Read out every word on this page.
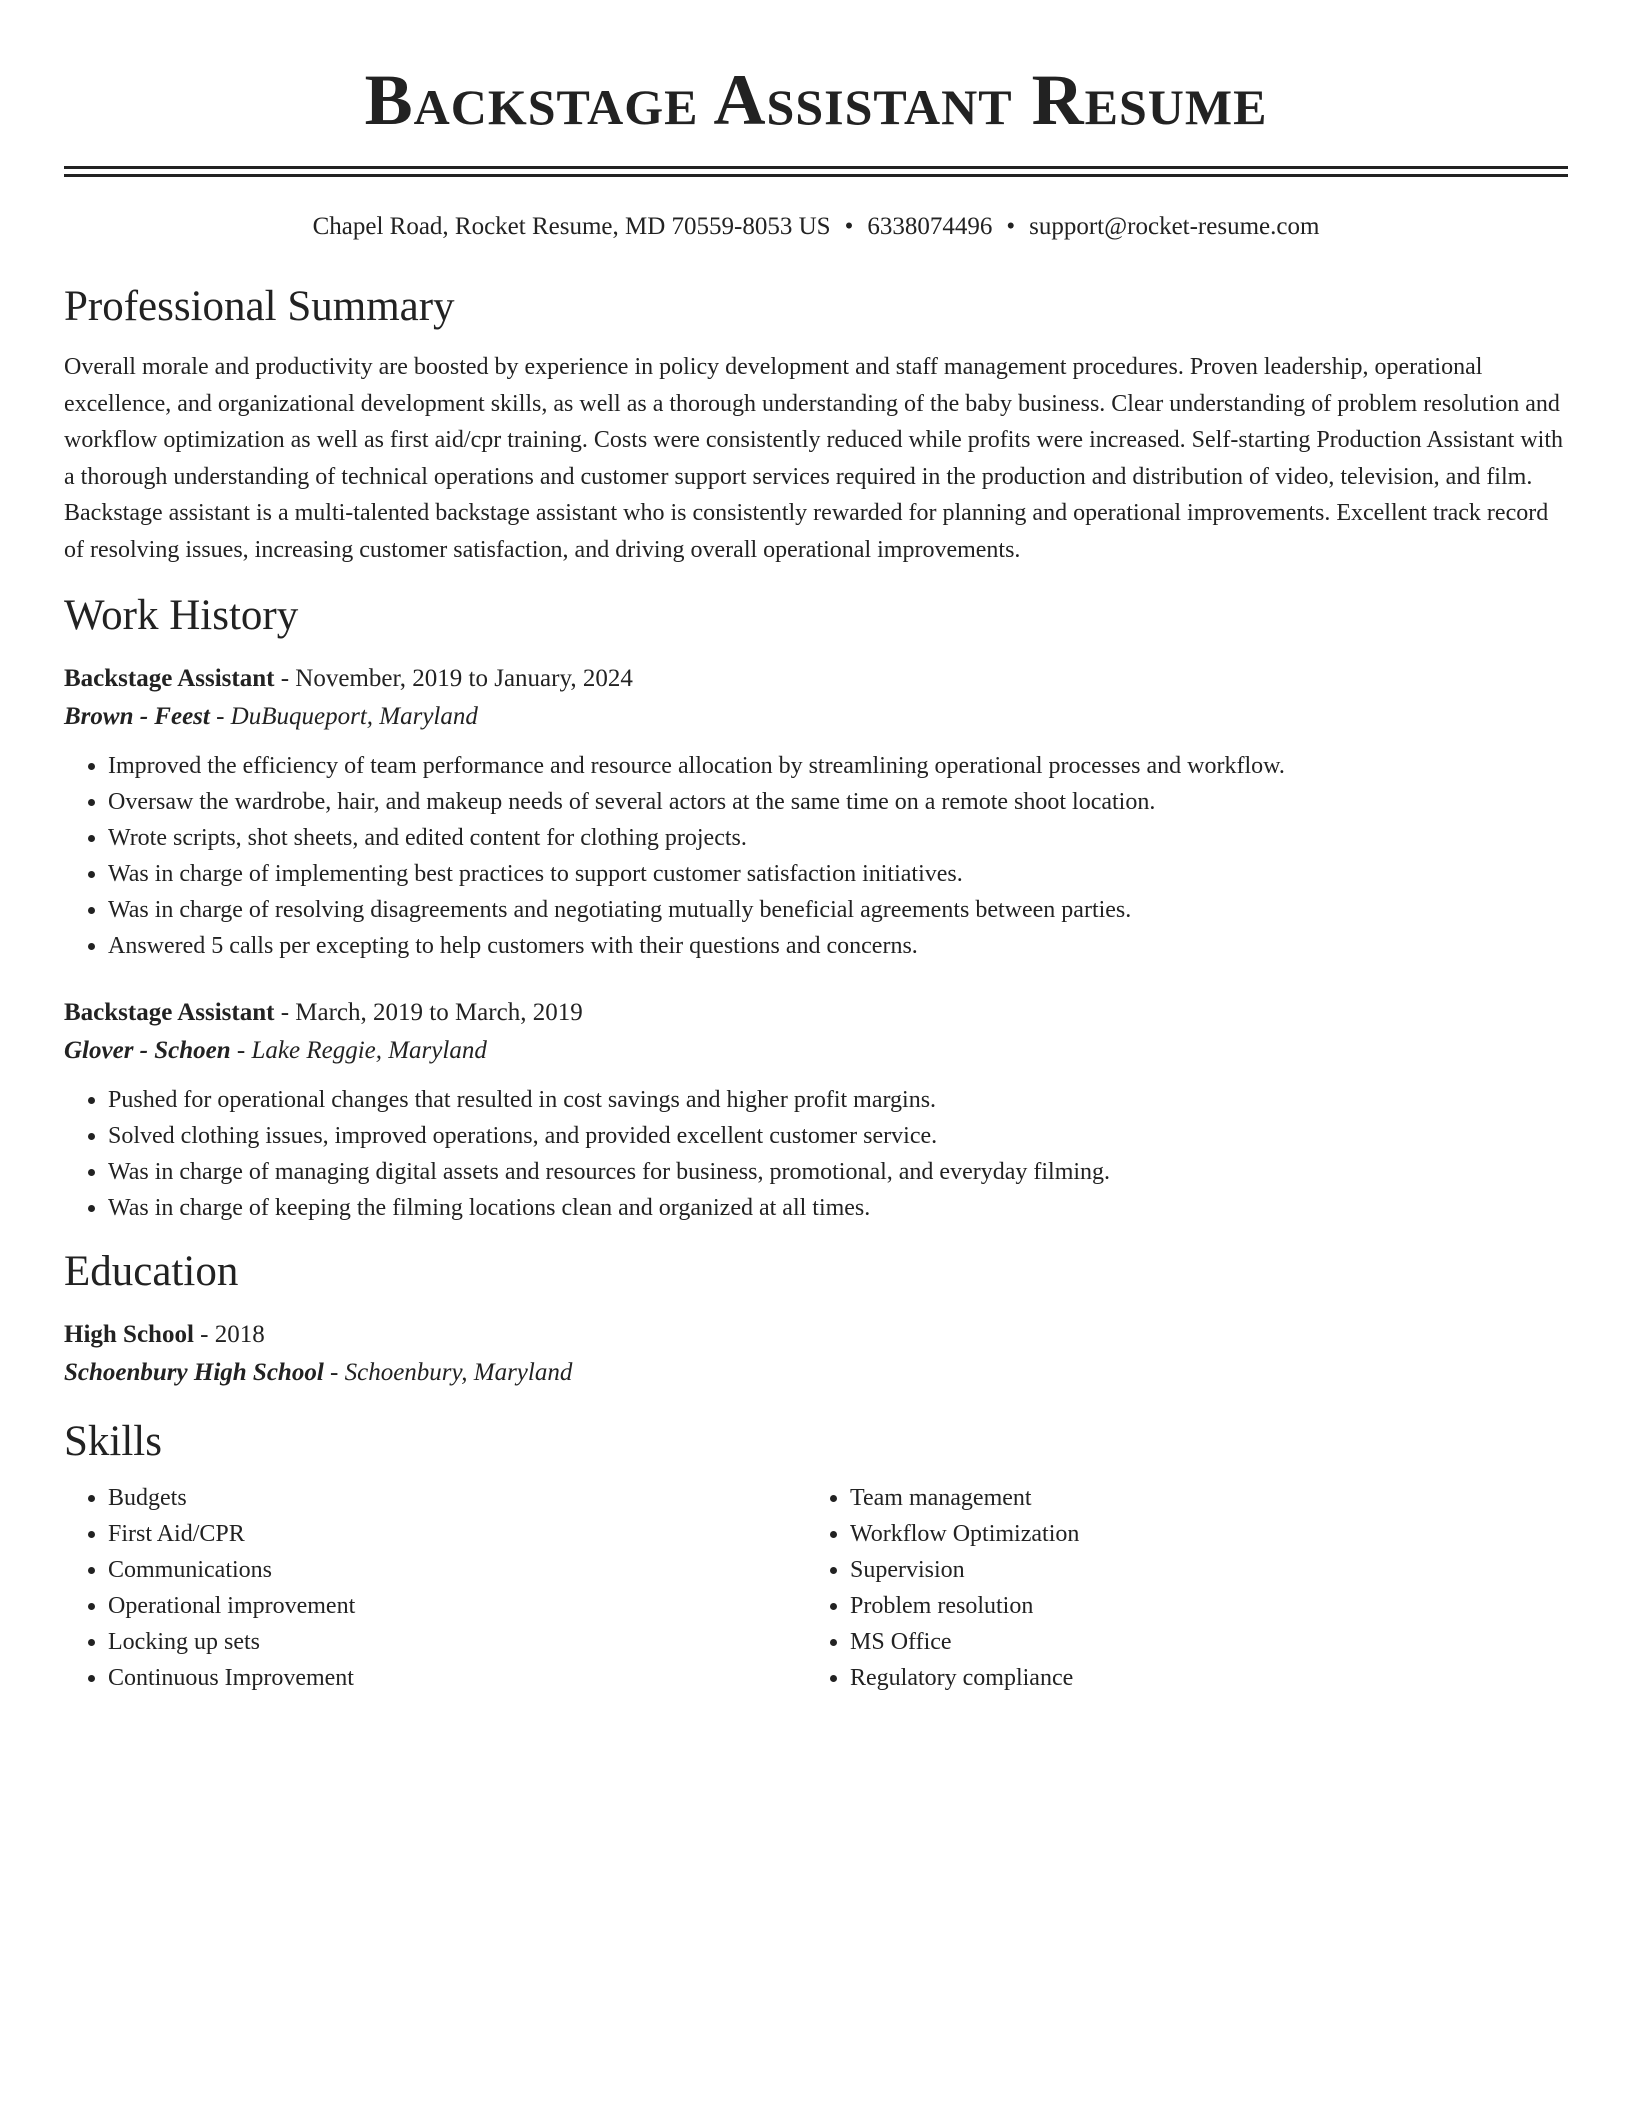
Backstage Assistant Resume
Chapel Road, Rocket Resume, MD 70559-8053 US • 6338074496 • support@rocket-resume.com
Professional Summary

Overall morale and productivity are boosted by experience in policy development and staff management procedures. Proven leadership, operational excellence, and organizational development skills, as well as a thorough understanding of the baby business. Clear understanding of problem resolution and workflow optimization as well as first aid/cpr training. Costs were consistently reduced while profits were increased. Self-starting Production Assistant with a thorough understanding of technical operations and customer support services required in the production and distribution of video, television, and film. Backstage assistant is a multi-talented backstage assistant who is consistently rewarded for planning and operational improvements. Excellent track record of resolving issues, increasing customer satisfaction, and driving overall operational improvements.

Work History
Backstage Assistant - November, 2019 to January, 2024
Brown - Feest - DuBuqueport, Maryland
• Improved the efficiency of team performance and resource allocation by streamlining operational processes and workflow.
• Oversaw the wardrobe, hair, and makeup needs of several actors at the same time on a remote shoot location.
• Wrote scripts, shot sheets, and edited content for clothing projects.
• Was in charge of implementing best practices to support customer satisfaction initiatives.
• Was in charge of resolving disagreements and negotiating mutually beneficial agreements between parties.
• Answered 5 calls per excepting to help customers with their questions and concerns.
Backstage Assistant - March, 2019 to March, 2019
Glover - Schoen - Lake Reggie, Maryland
• Pushed for operational changes that resulted in cost savings and higher profit margins.
• Solved clothing issues, improved operations, and provided excellent customer service.
• Was in charge of managing digital assets and resources for business, promotional, and everyday filming.
• Was in charge of keeping the filming locations clean and organized at all times.
Education
High School - 2018
Schoenbury High School - Schoenbury, Maryland
Skills
• Budgets
• First Aid/CPR
• Communications
• Operational improvement
• Locking up sets
• Continuous Improvement
• Team management
• Workflow Optimization
• Supervision
• Problem resolution
• MS Office
• Regulatory compliance
